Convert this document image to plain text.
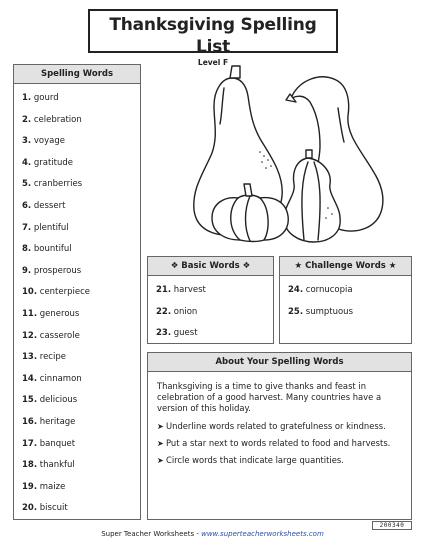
Thanksgiving Spelling List
Level F
Spelling Words
1. gourd
2. celebration
3. voyage
4. gratitude
5. cranberries
6. dessert
7. plentiful
8. bountiful
9. prosperous
10. centerpiece
11. generous
12. casserole
13. recipe
14. cinnamon
15. delicious
16. heritage
17. banquet
18. thankful
19. maize
20. biscuit
❖ Basic Words ❖
21. harvest
22. onion
23. guest
★ Challenge Words ★
24. cornucopia
25. sumptuous
About Your Spelling Words

Thanksgiving is a time to give thanks and feast in celebration of a good harvest. Many countries have a version of this holiday.

➤ Underline words related to gratefulness or kindness.
➤ Put a star next to words related to food and harvests.
➤ Circle words that indicate large quantities.
Super Teacher Worksheets - www.superteacherworksheets.com
200340
